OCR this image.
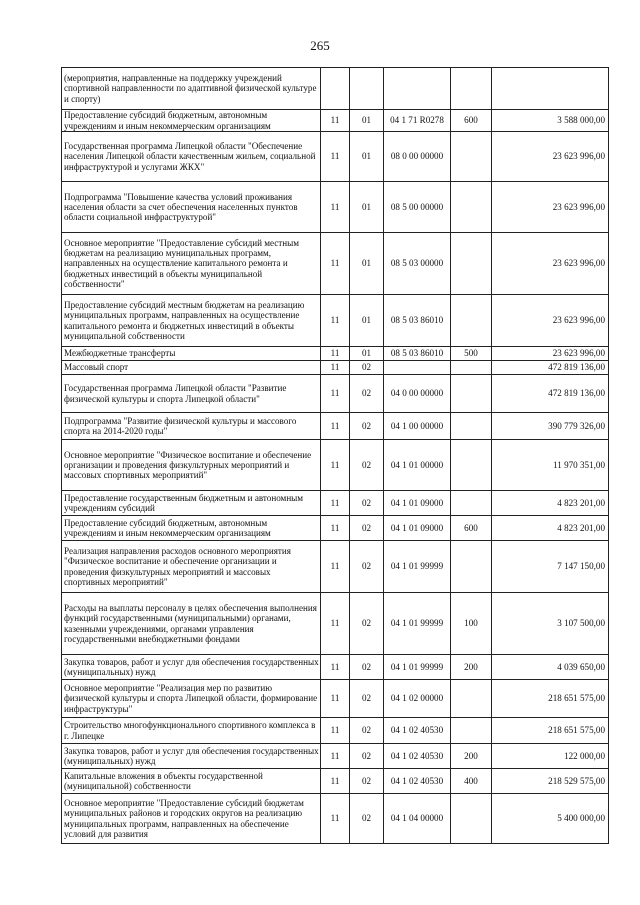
265
(мероприятия, направленные на поддержку учреждений спортивной направленности по адаптивной физической культуре и спорту)					
Предоставление субсидий бюджетным, автономным учреждениям и иным некоммерческим организациям	11	01	04 1 71 R0278	600	3 588 000,00
Государственная программа Липецкой области "Обеспечение населения Липецкой области качественным жильем, социальной инфраструктурой и услугами ЖКХ"	11	01	08 0 00 00000		23 623 996,00
Подпрограмма "Повышение качества условий проживания населения области за счет обеспечения населенных пунктов области социальной инфраструктурой"	11	01	08 5 00 00000		23 623 996,00
Основное мероприятие "Предоставление субсидий местным бюджетам на реализацию муниципальных программ, направленных на осуществление капитального ремонта и бюджетных инвестиций в объекты муниципальной собственности"	11	01	08 5 03 00000		23 623 996,00
Предоставление субсидий местным бюджетам на реализацию муниципальных программ, направленных на осуществление капитального ремонта и бюджетных инвестиций в объекты муниципальной собственности	11	01	08 5 03 86010		23 623 996,00
Межбюджетные трансферты	11	01	08 5 03 86010	500	23 623 996,00
Массовый спорт	11	02			472 819 136,00
Государственная программа Липецкой области "Развитие физической культуры и спорта Липецкой области"	11	02	04 0 00 00000		472 819 136,00
Подпрограмма "Развитие физической культуры и массового спорта на 2014-2020 годы"	11	02	04 1 00 00000		390 779 326,00
Основное мероприятие "Физическое воспитание и обеспечение организации и проведения физкультурных мероприятий и массовых спортивных мероприятий"	11	02	04 1 01 00000		11 970 351,00
Предоставление государственным бюджетным и автономным учреждениям субсидий	11	02	04 1 01 09000		4 823 201,00
Предоставление субсидий бюджетным, автономным учреждениям и иным некоммерческим организациям	11	02	04 1 01 09000	600	4 823 201,00
Реализация направления расходов основного мероприятия "Физическое воспитание и обеспечение организации и проведения физкультурных мероприятий и массовых спортивных мероприятий"	11	02	04 1 01 99999		7 147 150,00
Расходы на выплаты персоналу в целях обеспечения выполнения функций государственными (муниципальными) органами, казенными учреждениями, органами управления государственными внебюджетными фондами	11	02	04 1 01 99999	100	3 107 500,00
Закупка товаров, работ и услуг для обеспечения государственных (муниципальных) нужд	11	02	04 1 01 99999	200	4 039 650,00
Основное мероприятие "Реализация мер по развитию физической культуры и спорта Липецкой области, формирование инфраструктуры"	11	02	04 1 02 00000		218 651 575,00
Строительство многофункционального спортивного комплекса в г. Липецке	11	02	04 1 02 40530		218 651 575,00
Закупка товаров, работ и услуг для обеспечения государственных (муниципальных) нужд	11	02	04 1 02 40530	200	122 000,00
Капитальные вложения в объекты государственной (муниципальной) собственности	11	02	04 1 02 40530	400	218 529 575,00
Основное мероприятие "Предоставление субсидий бюджетам муниципальных районов и городских округов на реализацию муниципальных программ, направленных на обеспечение условий для развития	11	02	04 1 04 00000		5 400 000,00
